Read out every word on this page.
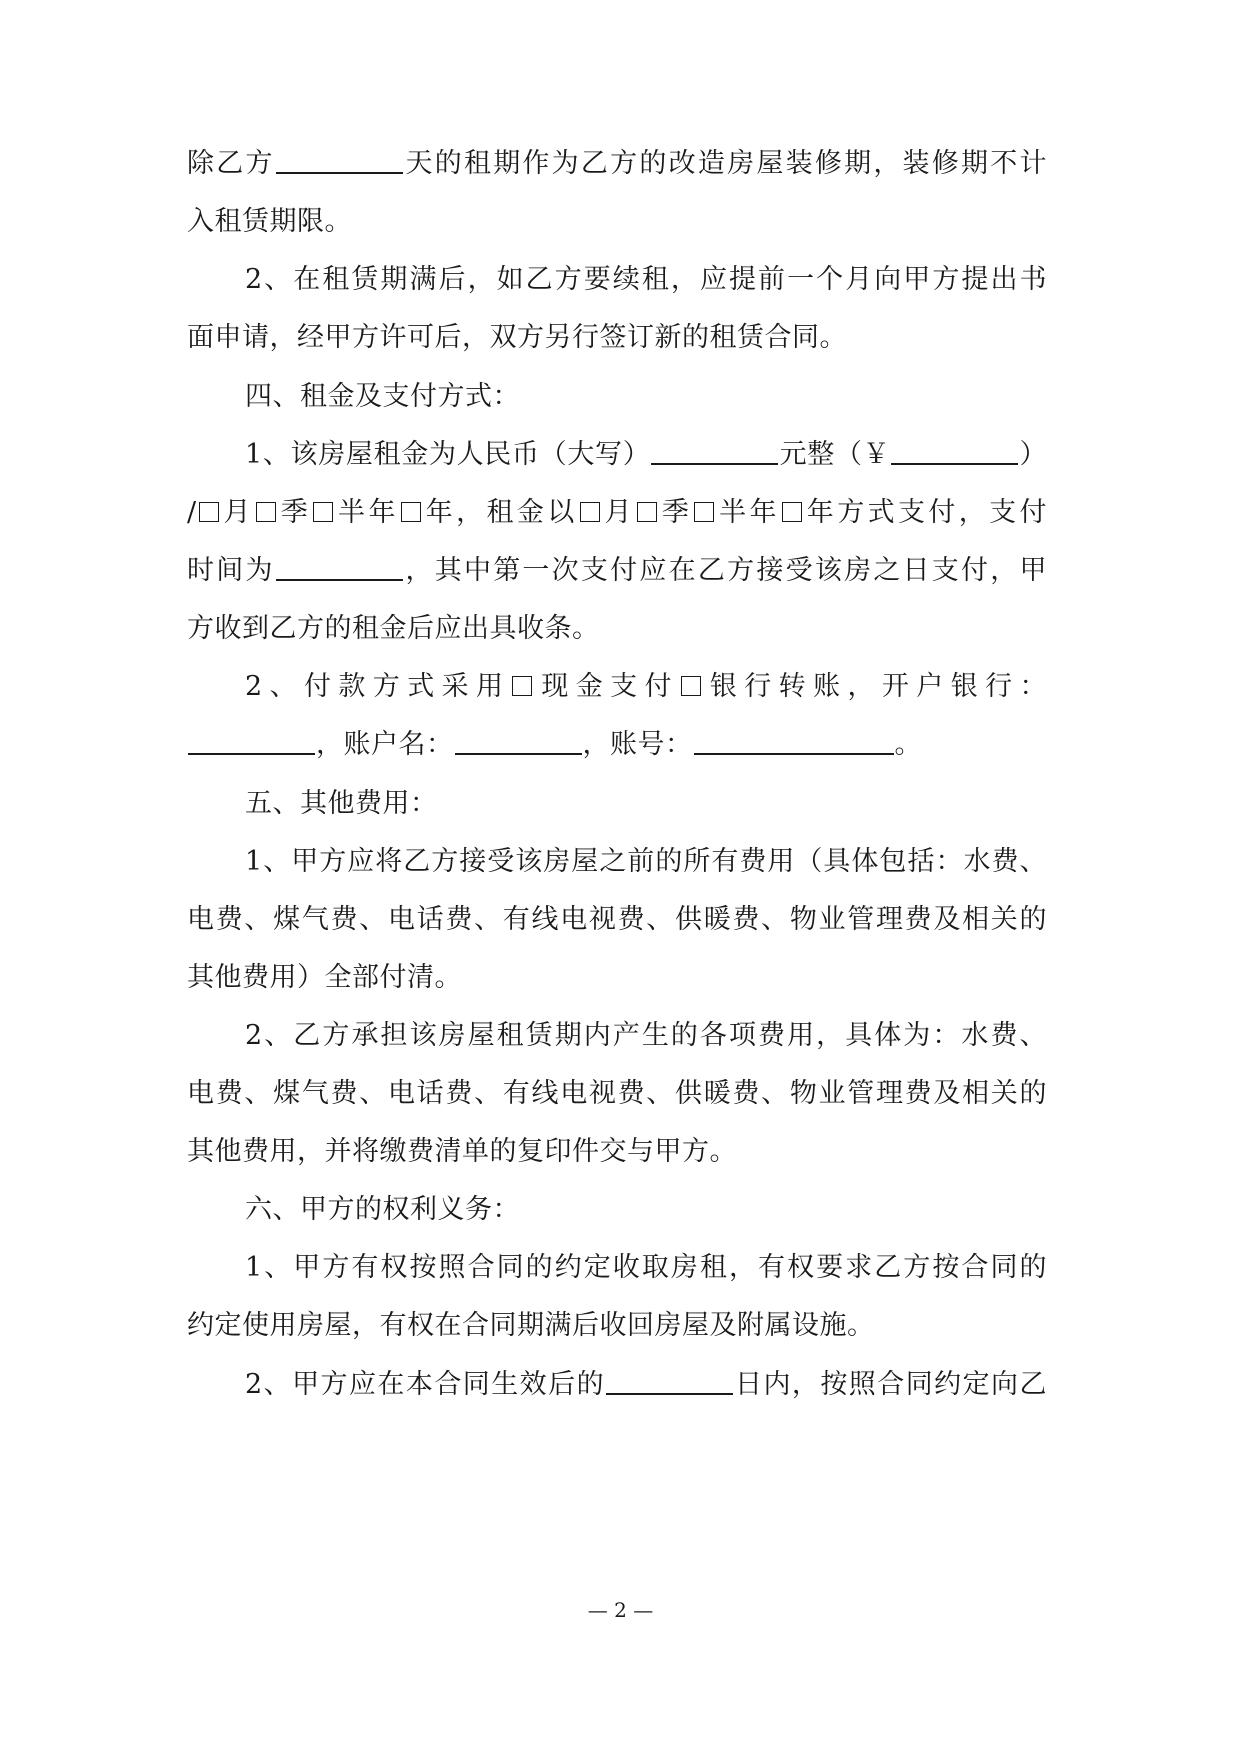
除乙方	天的租期作为乙方的改造房屋装修期，装修期不计
入租赁期限。
2、在租赁期满后，如乙方要续租，应提前一个月向甲方提出书
面申请，经甲方许可后，双方另行签订新的租赁合同。
四、租金及支付方式：
1、该房屋租金为人民币（大写）	元整（￥	）
/ 月 季 半年 年，租金以 月 季 半年 年方式支付，支付
时间为	，其中第一次支付应在乙方接受该房之日支付，甲
方收到乙方的租金后应出具收条。
2、付款方式采用 现金支付 银行转账，开户银行：
，账户名：	，账号：	。
五、其他费用：
1、甲方应将乙方接受该房屋之前的所有费用（具体包括：水费、
电费、煤气费、电话费、有线电视费、供暖费、物业管理费及相关的
其他费用）全部付清。
2、乙方承担该房屋租赁期内产生的各项费用，具体为：水费、
电费、煤气费、电话费、有线电视费、供暖费、物业管理费及相关的
其他费用，并将缴费清单的复印件交与甲方。
六、甲方的权利义务：
1、甲方有权按照合同的约定收取房租，有权要求乙方按合同的
约定使用房屋，有权在合同期满后收回房屋及附属设施。
2、甲方应在本合同生效后的	日内，按照合同约定向乙
— 2 —
